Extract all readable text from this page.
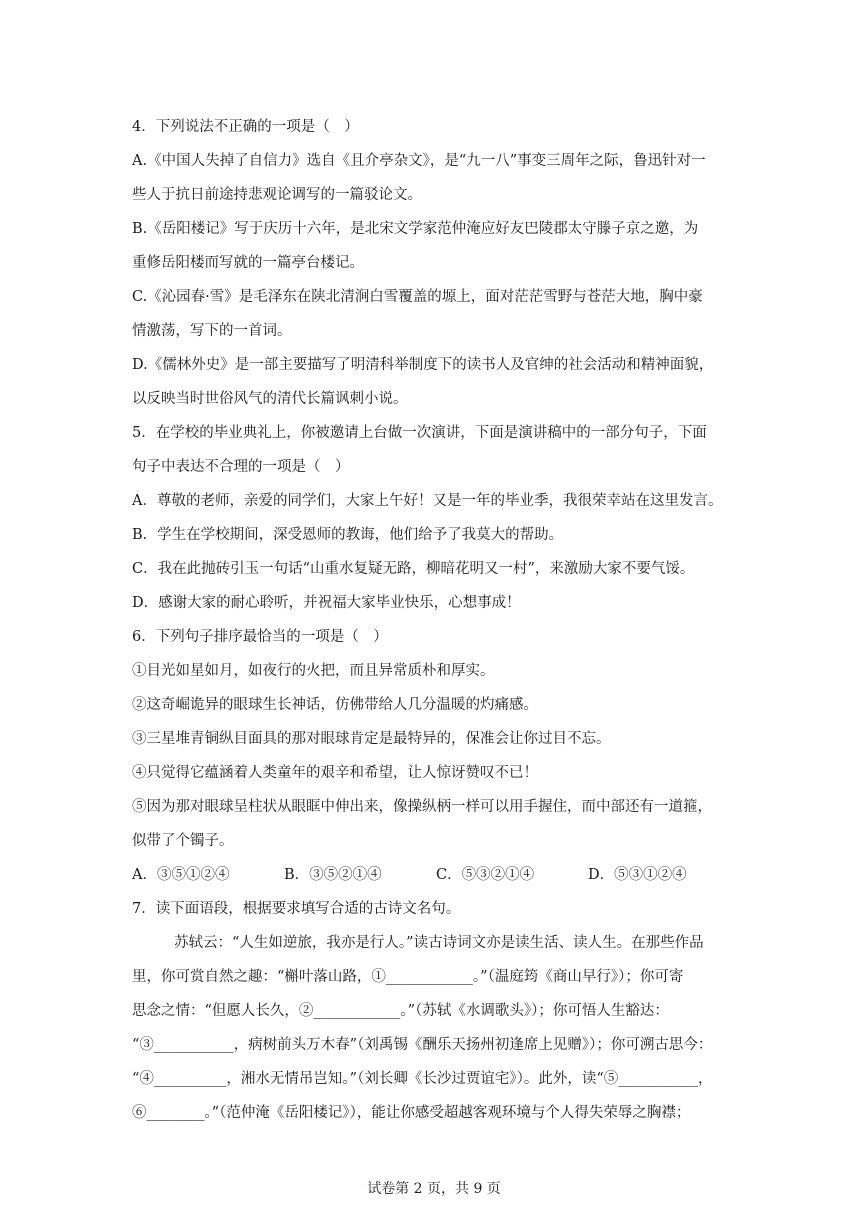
4．下列说法不正确的一项是（　）
A.《中国人失掉了自信力》选自《且介亭杂文》，是“九一八”事变三周年之际，鲁迅针对一
些人于抗日前途持悲观论调写的一篇驳论文。
B.《岳阳楼记》写于庆历十六年，是北宋文学家范仲淹应好友巴陵郡太守滕子京之邀，为
重修岳阳楼而写就的一篇亭台楼记。
C.《沁园春·雪》是毛泽东在陕北清涧白雪覆盖的塬上，面对茫茫雪野与苍茫大地，胸中豪
情激荡，写下的一首词。
D.《儒林外史》是一部主要描写了明清科举制度下的读书人及官绅的社会活动和精神面貌，
以反映当时世俗风气的清代长篇讽刺小说。
5．在学校的毕业典礼上，你被邀请上台做一次演讲，下面是演讲稿中的一部分句子，下面
句子中表达不合理的一项是（　）
A．尊敬的老师，亲爱的同学们，大家上午好！又是一年的毕业季，我很荣幸站在这里发言。
B．学生在学校期间，深受恩师的教诲，他们给予了我莫大的帮助。
C．我在此抛砖引玉一句话“山重水复疑无路，柳暗花明又一村”，来激励大家不要气馁。
D．感谢大家的耐心聆听，并祝福大家毕业快乐，心想事成！
6．下列句子排序最恰当的一项是（　）
①目光如星如月，如夜行的火把，而且异常质朴和厚实。
②这奇崛诡异的眼球生长神话，仿佛带给人几分温暖的灼痛感。
③三星堆青铜纵目面具的那对眼球肯定是最特异的，保准会让你过目不忘。
④只觉得它蕴涵着人类童年的艰辛和希望，让人惊讶赞叹不已！
⑤因为那对眼球呈柱状从眼眶中伸出来，像操纵柄一样可以用手握住，而中部还有一道箍，
似带了个镯子。
A．③⑤①②④	B．③⑤②①④	C．⑤③②①④	D．⑤③①②④
7．读下面语段，根据要求填写合适的古诗文名句。
苏轼云：“人生如逆旅，我亦是行人。”读古诗词文亦是读生活、读人生。在那些作品
里，你可赏自然之趣：“槲叶落山路，①____________。”（温庭筠《商山早行》）；你可寄
思念之情：“但愿人长久，②____________。”（苏轼《水调歌头》）；你可悟人生豁达：
“③___________，病树前头万木春”（刘禹锡《酬乐天扬州初逢席上见赠》）；你可溯古思今：
“④__________，湘水无情吊岂知。”（刘长卿《长沙过贾谊宅》）。此外，读“⑤___________，
⑥________。”（范仲淹《岳阳楼记》），能让你感受超越客观环境与个人得失荣辱之胸襟；
试卷第 2 页，共 9 页
